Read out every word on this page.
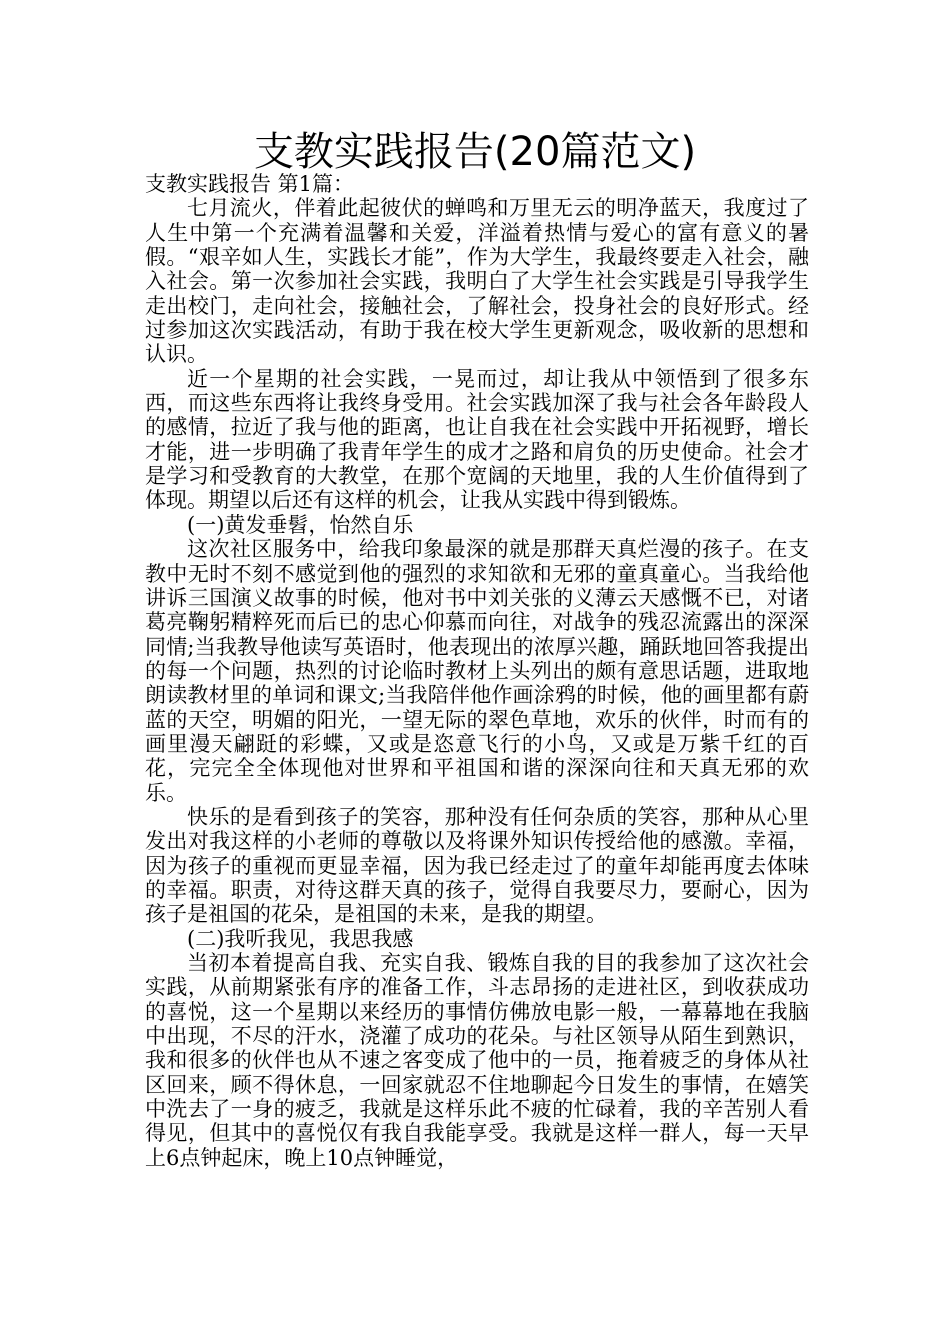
支教实践报告(20篇范文)

支教实践报告 第1篇：

七月流火，伴着此起彼伏的蝉鸣和万里无云的明净蓝天，我度过了人生中第一个充满着温馨和关爱，洋溢着热情与爱心的富有意义的暑假。“艰辛如人生，实践长才能”，作为大学生，我最终要走入社会，融入社会。第一次参加社会实践，我明白了大学生社会实践是引导我学生走出校门，走向社会，接触社会，了解社会，投身社会的良好形式。经过参加这次实践活动，有助于我在校大学生更新观念，吸收新的思想和认识。

近一个星期的社会实践，一晃而过，却让我从中领悟到了很多东西，而这些东西将让我终身受用。社会实践加深了我与社会各年龄段人的感情，拉近了我与他的距离，也让自我在社会实践中开拓视野，增长才能，进一步明确了我青年学生的成才之路和肩负的历史使命。社会才是学习和受教育的大教堂，在那个宽阔的天地里，我的人生价值得到了体现。期望以后还有这样的机会，让我从实践中得到锻炼。

(一)黄发垂髫，怡然自乐

这次社区服务中，给我印象最深的就是那群天真烂漫的孩子。在支教中无时不刻不感觉到他的强烈的求知欲和无邪的童真童心。当我给他讲诉三国演义故事的时候，他对书中刘关张的义薄云天感慨不已，对诸葛亮鞠躬精粹死而后已的忠心仰慕而向往，对战争的残忍流露出的深深同情;当我教导他读写英语时，他表现出的浓厚兴趣，踊跃地回答我提出的每一个问题，热烈的讨论临时教材上头列出的颇有意思话题，进取地朗读教材里的单词和课文;当我陪伴他作画涂鸦的时候，他的画里都有蔚蓝的天空，明媚的阳光，一望无际的翠色草地，欢乐的伙伴，时而有的画里漫天翩跹的彩蝶，又或是恣意飞行的小鸟，又或是万紫千红的百花，完完全全体现他对世界和平祖国和谐的深深向往和天真无邪的欢乐。

快乐的是看到孩子的笑容，那种没有任何杂质的笑容，那种从心里发出对我这样的小老师的尊敬以及将课外知识传授给他的感激。幸福，因为孩子的重视而更显幸福，因为我已经走过了的童年却能再度去体味的幸福。职责，对待这群天真的孩子，觉得自我要尽力，要耐心，因为孩子是祖国的花朵，是祖国的未来，是我的期望。

(二)我听我见，我思我感

当初本着提高自我、充实自我、锻炼自我的目的我参加了这次社会实践，从前期紧张有序的准备工作，斗志昂扬的走进社区，到收获成功的喜悦，这一个星期以来经历的事情仿佛放电影一般，一幕幕地在我脑中出现，不尽的汗水，浇灌了成功的花朵。与社区领导从陌生到熟识，我和很多的伙伴也从不速之客变成了他中的一员，拖着疲乏的身体从社区回来，顾不得休息，一回家就忍不住地聊起今日发生的事情，在嬉笑中洗去了一身的疲乏，我就是这样乐此不疲的忙碌着，我的辛苦别人看得见，但其中的喜悦仅有我自我能享受。我就是这样一群人，每一天早上6点钟起床，晚上10点钟睡觉，
